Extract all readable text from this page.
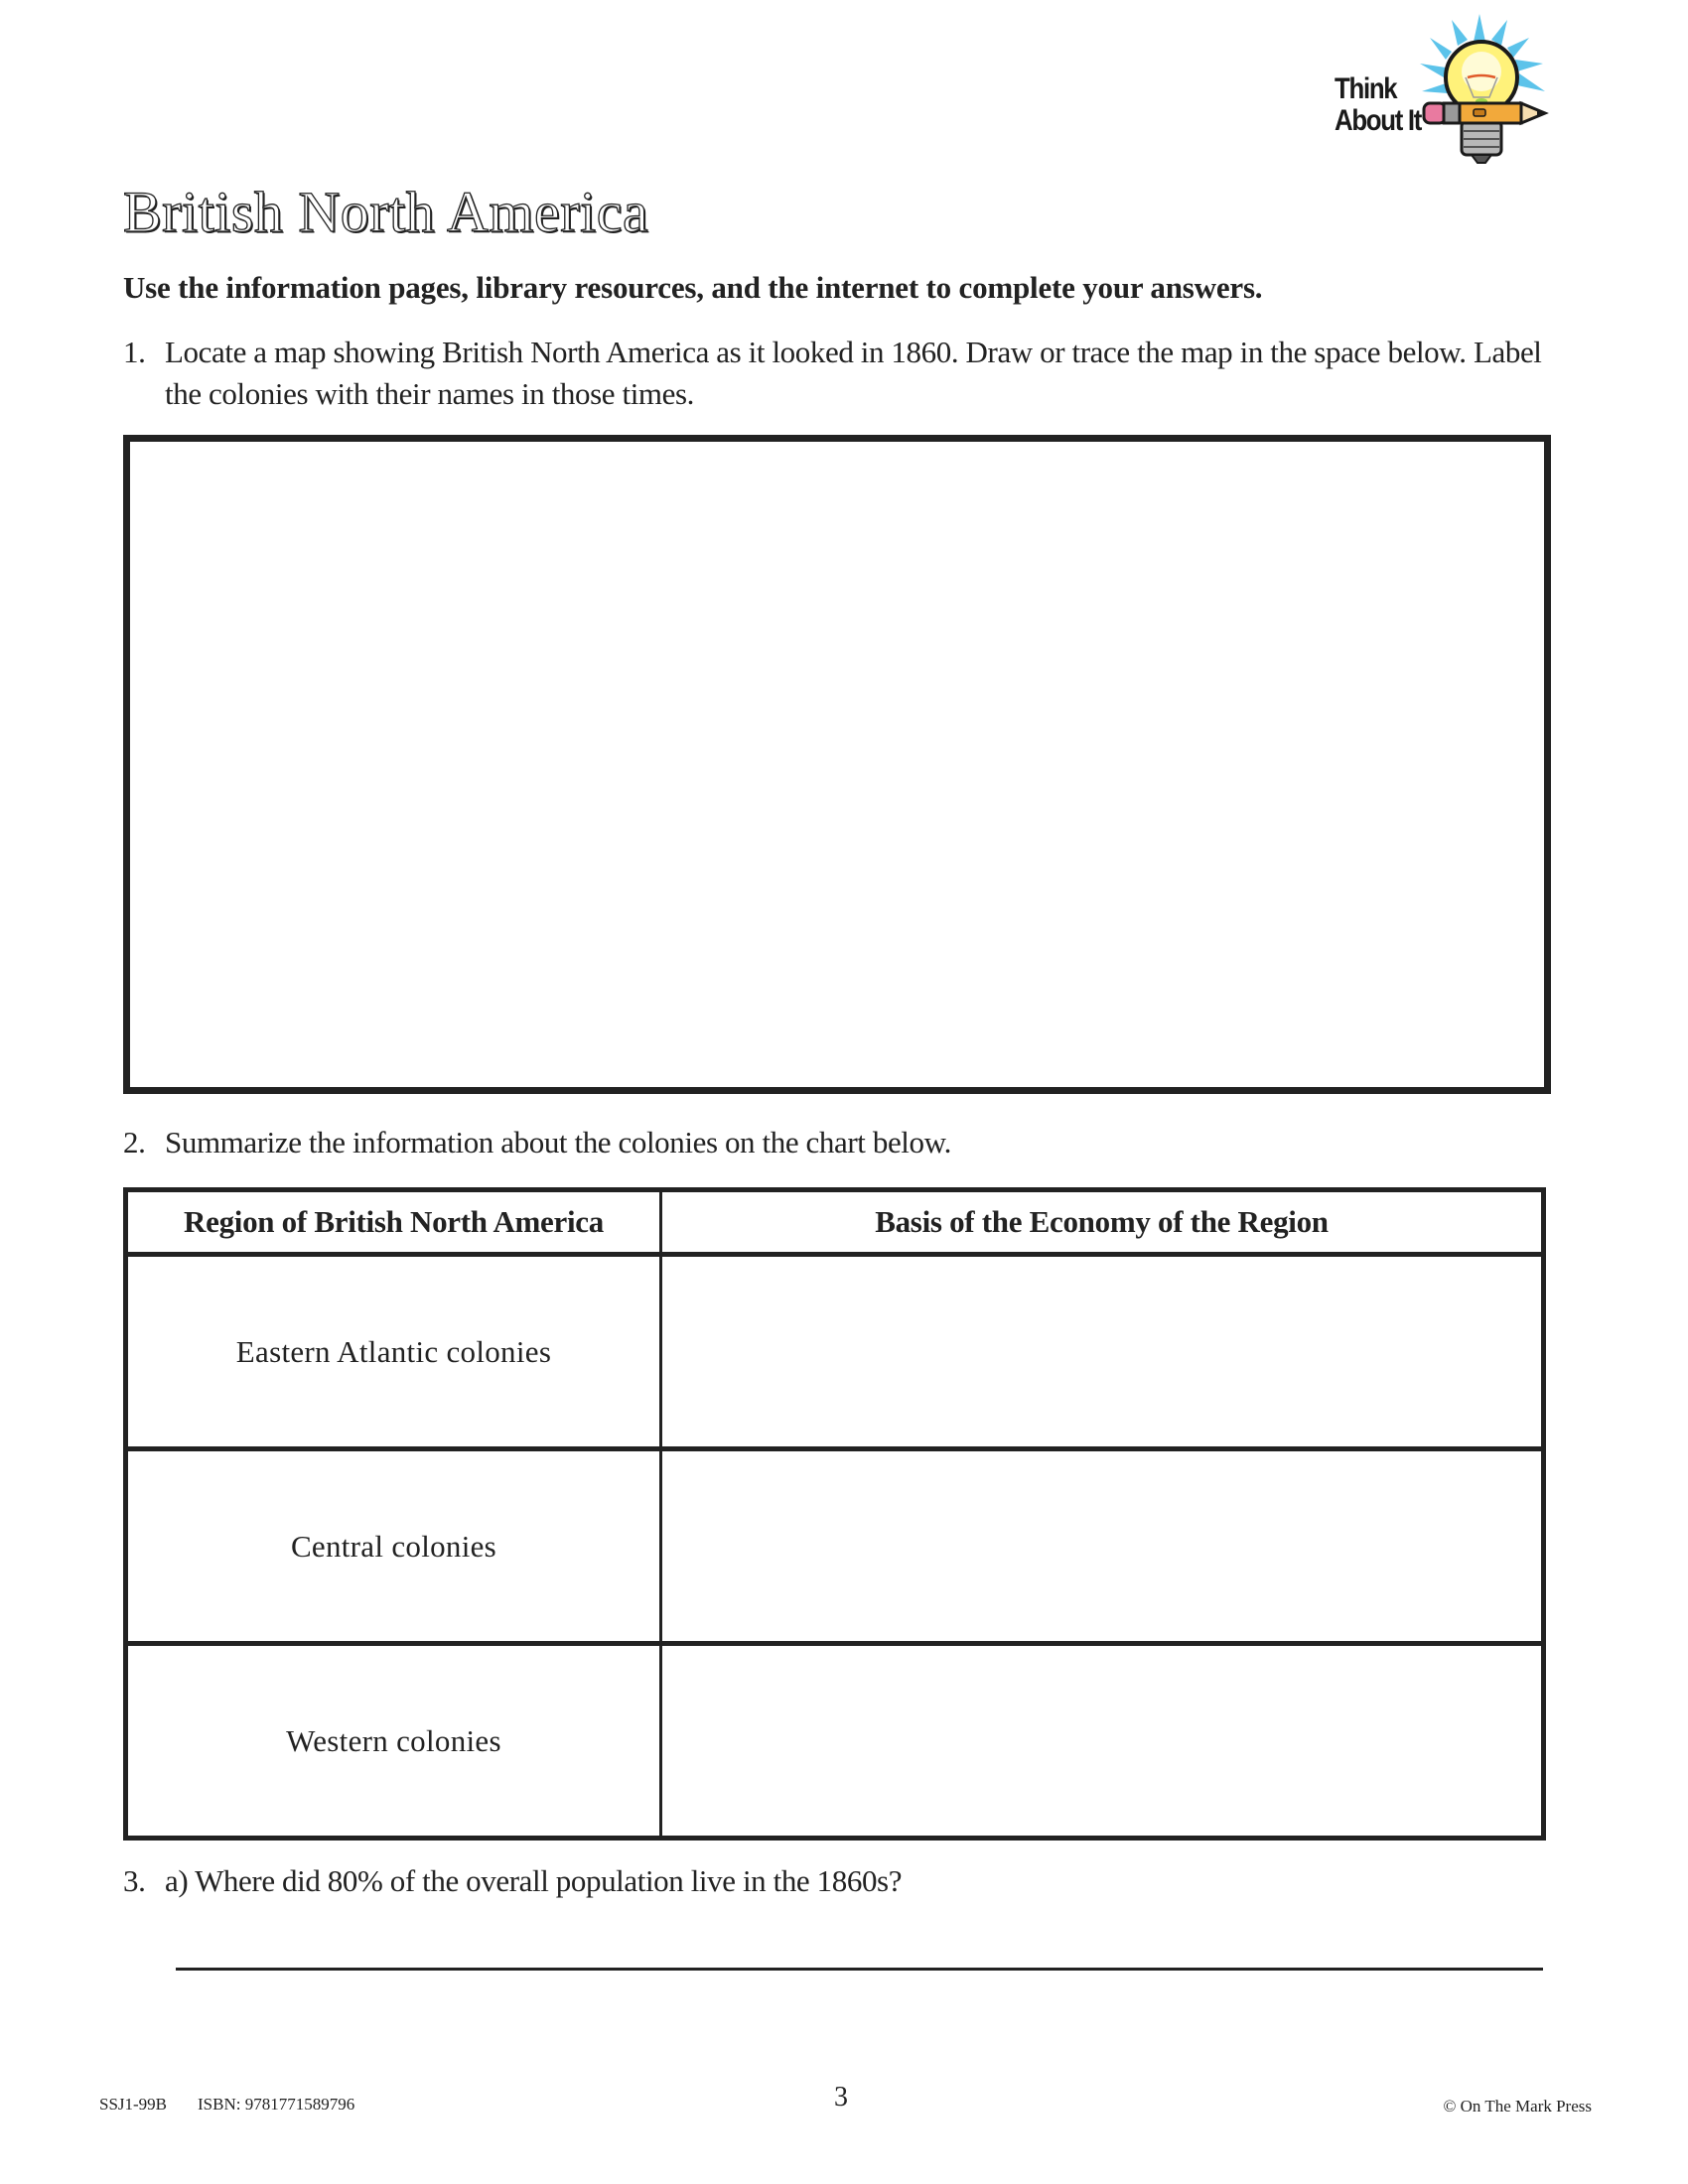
Think
About It
British North America
Use the information pages, library resources, and the internet to complete your answers.
1. Locate a map showing British North America as it looked in 1860. Draw or trace the map in the space below. Label the colonies with their names in those times.
2. Summarize the information about the colonies on the chart below.
Region of British North America	Basis of the Economy of the Region
Eastern Atlantic colonies	
Central colonies	
Western colonies	
3. a) Where did 80% of the overall population live in the 1860s?
SSJ1-99B ISBN: 9781771589796	3	© On The Mark Press
